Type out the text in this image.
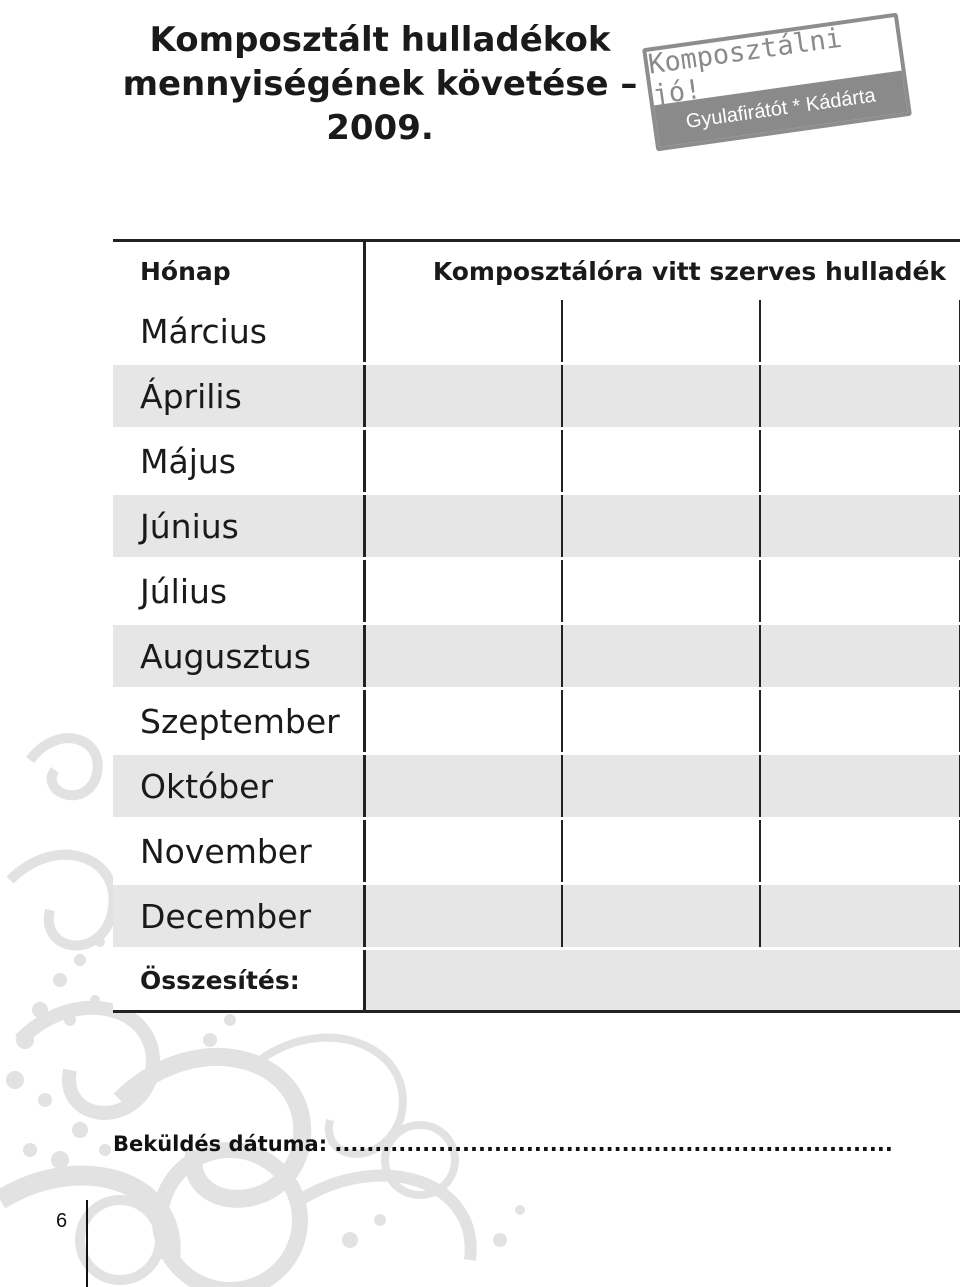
Komposztált hulladékok
mennyiségének követése –
2009.
Komposztálni jó!
Gyulafirátót * Kádárta
Hónap	Komposztálóra vitt szerves hulladék			
Március				
Április				
Május				
Június				
Július				
Augusztus				
Szeptember				
Október				
November				
December				
Összesítés:				
Beküldés dátuma: ......................................................................
6
